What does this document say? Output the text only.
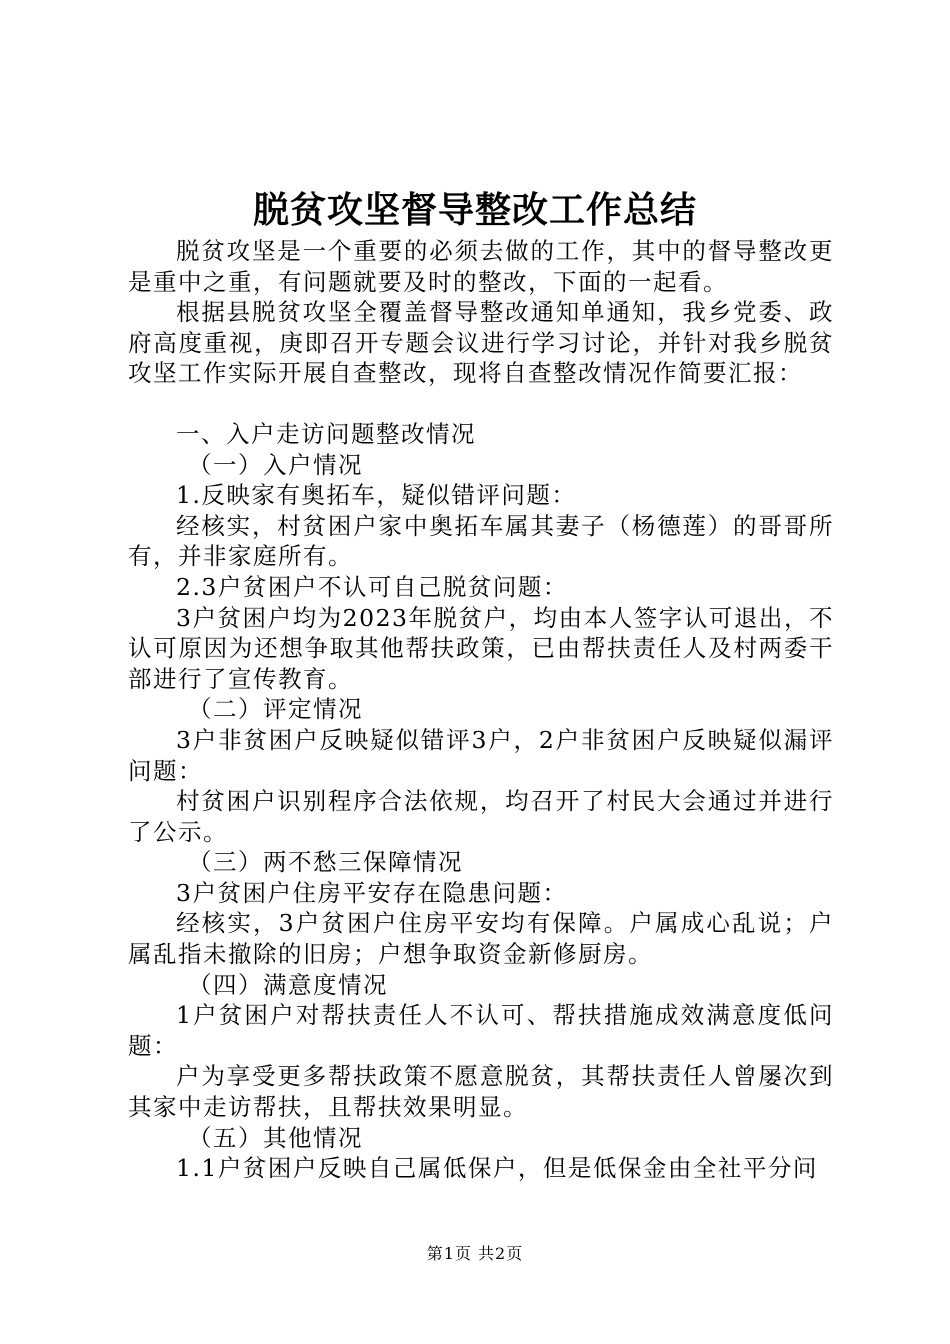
脱贫攻坚督导整改工作总结

脱贫攻坚是一个重要的必须去做的工作，其中的督导整改更是重中之重，有问题就要及时的整改，下面的一起看。

根据县脱贫攻坚全覆盖督导整改通知单通知，我乡党委、政府高度重视，庚即召开专题会议进行学习讨论，并针对我乡脱贫攻坚工作实际开展自查整改，现将自查整改情况作简要汇报：

一、入户走访问题整改情况

（一）入户情况

1.反映家有奥拓车，疑似错评问题：

经核实，村贫困户家中奥拓车属其妻子（杨德莲）的哥哥所有，并非家庭所有。

2.3户贫困户不认可自己脱贫问题：

3户贫困户均为2023年脱贫户，均由本人签字认可退出，不认可原因为还想争取其他帮扶政策，已由帮扶责任人及村两委干部进行了宣传教育。

（二）评定情况

3户非贫困户反映疑似错评3户，2户非贫困户反映疑似漏评问题：

村贫困户识别程序合法依规，均召开了村民大会通过并进行了公示。

（三）两不愁三保障情况

3户贫困户住房平安存在隐患问题：

经核实，3户贫困户住房平安均有保障。户属成心乱说；户属乱指未撤除的旧房；户想争取资金新修厨房。

（四）满意度情况

1户贫困户对帮扶责任人不认可、帮扶措施成效满意度低问题：

户为享受更多帮扶政策不愿意脱贫，其帮扶责任人曾屡次到其家中走访帮扶，且帮扶效果明显。

（五）其他情况

1.1户贫困户反映自己属低保户，但是低保金由全社平分问

第1页 共2页
